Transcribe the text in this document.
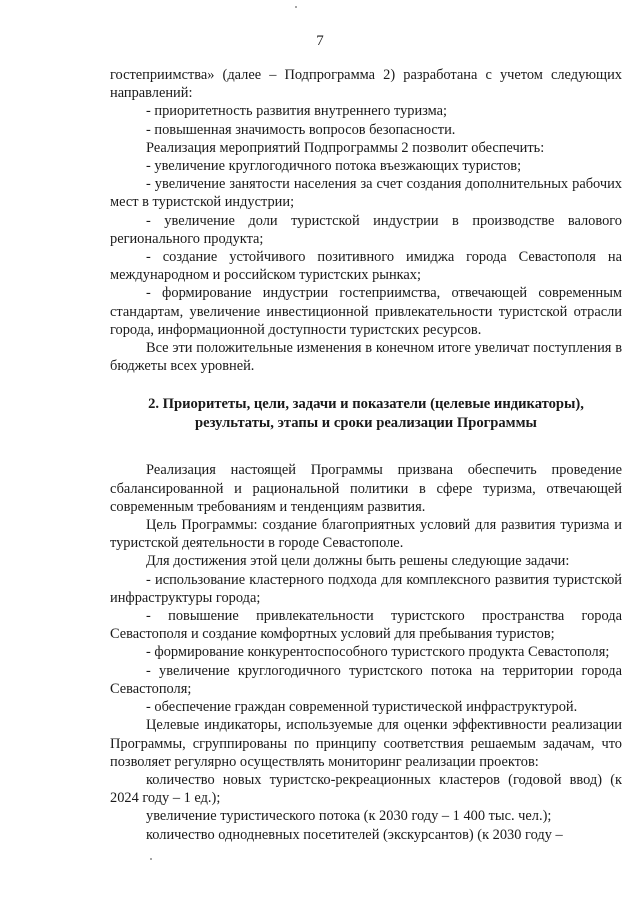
7

гостеприимства» (далее – Подпрограмма 2) разработана с учетом следующих направлений:

- приоритетность развития внутреннего туризма;

- повышенная значимость вопросов безопасности.

Реализация мероприятий Подпрограммы 2 позволит обеспечить:

- увеличение круглогодичного потока въезжающих туристов;

- увеличение занятости населения за счет создания дополнительных рабочих мест в туристской индустрии;

- увеличение доли туристской индустрии в производстве валового регионального продукта;

- создание устойчивого позитивного имиджа города Севастополя на международном и российском туристских рынках;

- формирование индустрии гостеприимства, отвечающей современным стандартам, увеличение инвестиционной привлекательности туристской отрасли города, информационной доступности туристских ресурсов.

Все эти положительные изменения в конечном итоге увеличат поступления в бюджеты всех уровней.

2. Приоритеты, цели, задачи и показатели (целевые индикаторы),
результаты, этапы и сроки реализации Программы

Реализация настоящей Программы призвана обеспечить проведение сбалансированной и рациональной политики в сфере туризма, отвечающей современным требованиям и тенденциям развития.

Цель Программы: создание благоприятных условий для развития туризма и туристской деятельности в городе Севастополе.

Для достижения этой цели должны быть решены следующие задачи:

- использование кластерного подхода для комплексного развития туристской инфраструктуры города;

- повышение привлекательности туристского пространства города Севастополя и создание комфортных условий для пребывания туристов;

- формирование конкурентоспособного туристского продукта Севастополя;

- увеличение круглогодичного туристского потока на территории города Севастополя;

- обеспечение граждан современной туристической инфраструктурой.

Целевые индикаторы, используемые для оценки эффективности реализации Программы, сгруппированы по принципу соответствия решаемым задачам, что позволяет регулярно осуществлять мониторинг реализации проектов:

количество новых туристско-рекреационных кластеров (годовой ввод) (к 2024 году – 1 ед.);

увеличение туристического потока (к 2030 году – 1 400 тыс. чел.);

количество однодневных посетителей (экскурсантов) (к 2030 году –
